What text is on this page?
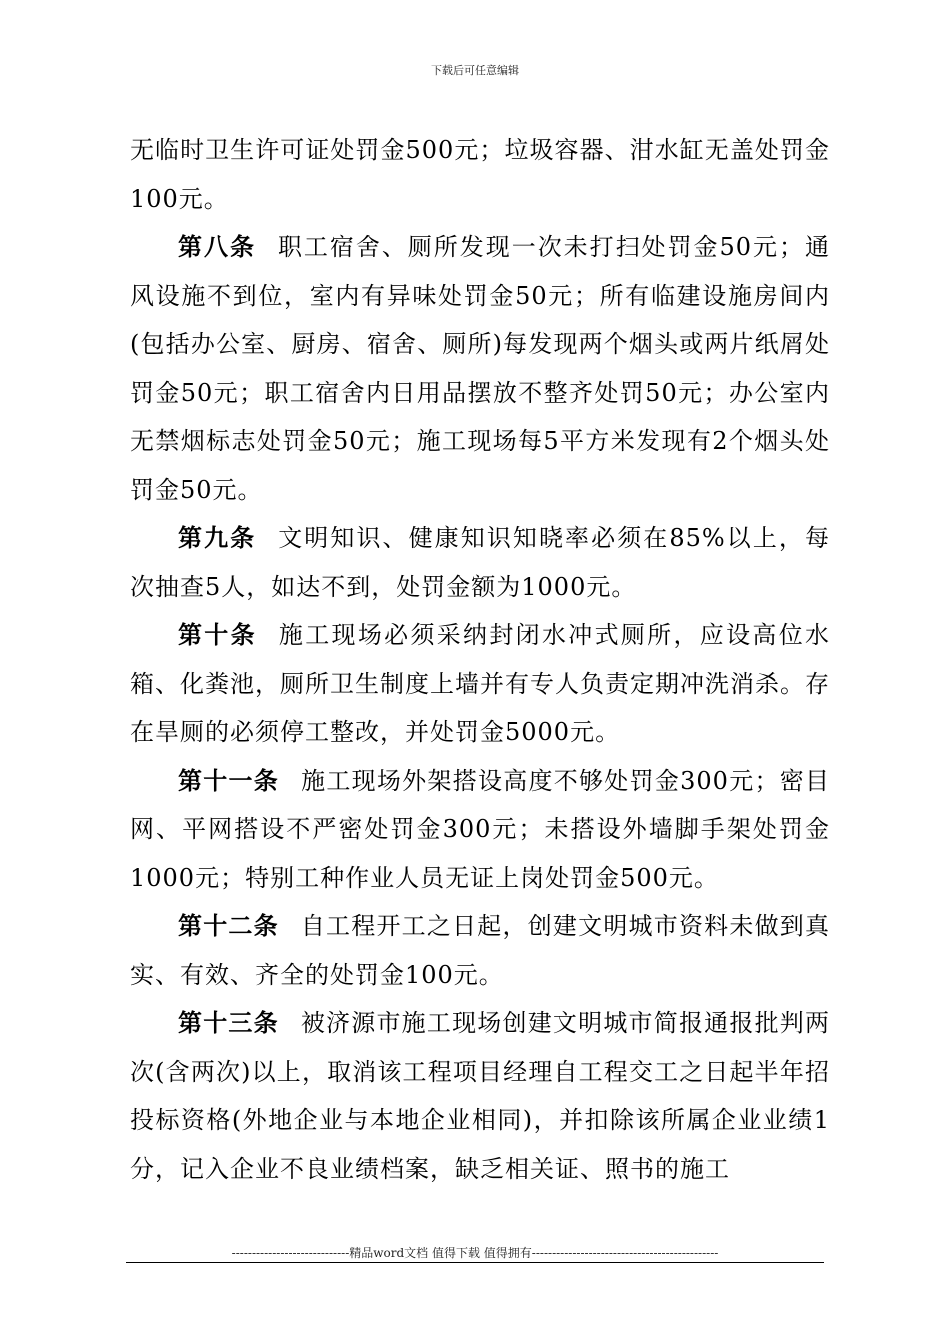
下载后可任意编辑

无临时卫生许可证处罚金500元；垃圾容器、泔水缸无盖处罚金100元。

第八条 职工宿舍、厕所发现一次未打扫处罚金50元；通风设施不到位，室内有异味处罚金50元；所有临建设施房间内(包括办公室、厨房、宿舍、厕所)每发现两个烟头或两片纸屑处罚金50元；职工宿舍内日用品摆放不整齐处罚50元；办公室内无禁烟标志处罚金50元；施工现场每5平方米发现有2个烟头处罚金50元。

第九条 文明知识、健康知识知晓率必须在85%以上，每次抽查5人，如达不到，处罚金额为1000元。

第十条 施工现场必须采纳封闭水冲式厕所，应设高位水箱、化粪池，厕所卫生制度上墙并有专人负责定期冲洗消杀。存在旱厕的必须停工整改，并处罚金5000元。

第十一条 施工现场外架搭设高度不够处罚金300元；密目网、平网搭设不严密处罚金300元；未搭设外墙脚手架处罚金1000元；特别工种作业人员无证上岗处罚金500元。

第十二条 自工程开工之日起，创建文明城市资料未做到真实、有效、齐全的处罚金100元。

第十三条 被济源市施工现场创建文明城市简报通报批判两次(含两次)以上，取消该工程项目经理自工程交工之日起半年招投标资格(外地企业与本地企业相同)，并扣除该所属企业业绩1分，记入企业不良业绩档案，缺乏相关证、照书的施工

-----------------------------精品word文档 值得下载 值得拥有----------------------------------------------
